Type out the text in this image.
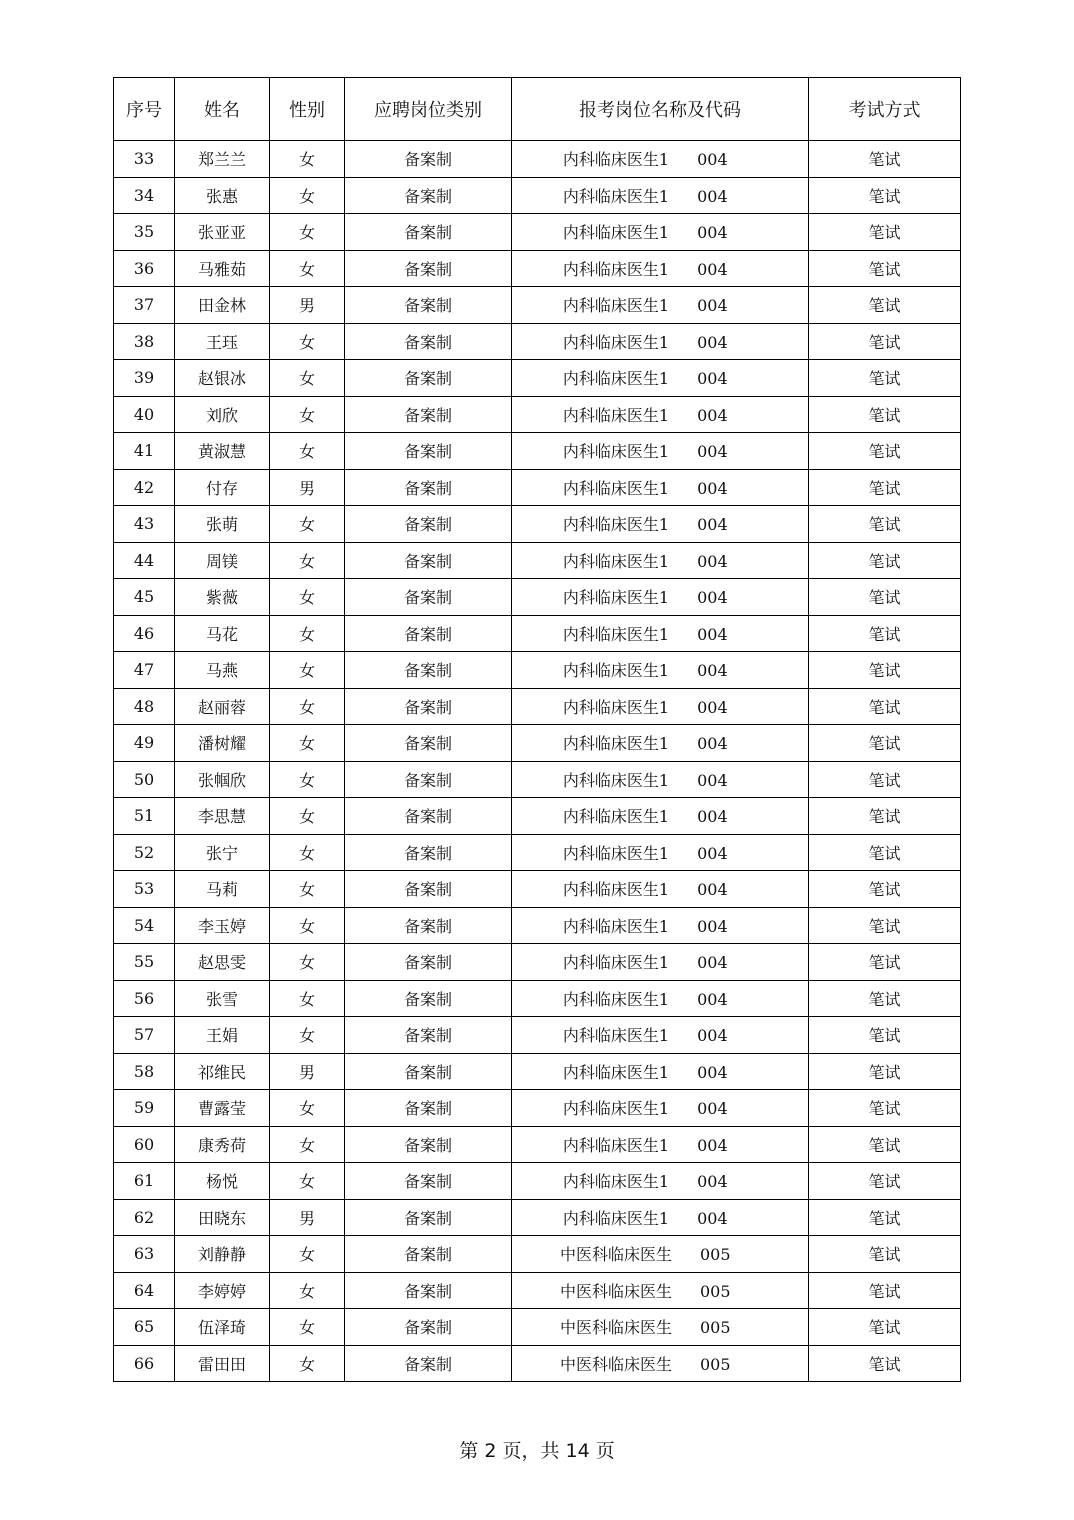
序号	姓名	性别	应聘岗位类别	报考岗位名称及代码	考试方式
33	郑兰兰	女	备案制	内科临床医生1 004	笔试
34	张惠	女	备案制	内科临床医生1 004	笔试
35	张亚亚	女	备案制	内科临床医生1 004	笔试
36	马雅茹	女	备案制	内科临床医生1 004	笔试
37	田金林	男	备案制	内科临床医生1 004	笔试
38	王珏	女	备案制	内科临床医生1 004	笔试
39	赵银冰	女	备案制	内科临床医生1 004	笔试
40	刘欣	女	备案制	内科临床医生1 004	笔试
41	黄淑慧	女	备案制	内科临床医生1 004	笔试
42	付存	男	备案制	内科临床医生1 004	笔试
43	张萌	女	备案制	内科临床医生1 004	笔试
44	周镁	女	备案制	内科临床医生1 004	笔试
45	紫薇	女	备案制	内科临床医生1 004	笔试
46	马花	女	备案制	内科临床医生1 004	笔试
47	马燕	女	备案制	内科临床医生1 004	笔试
48	赵丽蓉	女	备案制	内科临床医生1 004	笔试
49	潘树耀	女	备案制	内科临床医生1 004	笔试
50	张帼欣	女	备案制	内科临床医生1 004	笔试
51	李思慧	女	备案制	内科临床医生1 004	笔试
52	张宁	女	备案制	内科临床医生1 004	笔试
53	马莉	女	备案制	内科临床医生1 004	笔试
54	李玉婷	女	备案制	内科临床医生1 004	笔试
55	赵思雯	女	备案制	内科临床医生1 004	笔试
56	张雪	女	备案制	内科临床医生1 004	笔试
57	王娟	女	备案制	内科临床医生1 004	笔试
58	祁维民	男	备案制	内科临床医生1 004	笔试
59	曹露莹	女	备案制	内科临床医生1 004	笔试
60	康秀荷	女	备案制	内科临床医生1 004	笔试
61	杨悦	女	备案制	内科临床医生1 004	笔试
62	田晓东	男	备案制	内科临床医生1 004	笔试
63	刘静静	女	备案制	中医科临床医生 005	笔试
64	李婷婷	女	备案制	中医科临床医生 005	笔试
65	伍泽琦	女	备案制	中医科临床医生 005	笔试
66	雷田田	女	备案制	中医科临床医生 005	笔试
第 2 页，共 14 页
